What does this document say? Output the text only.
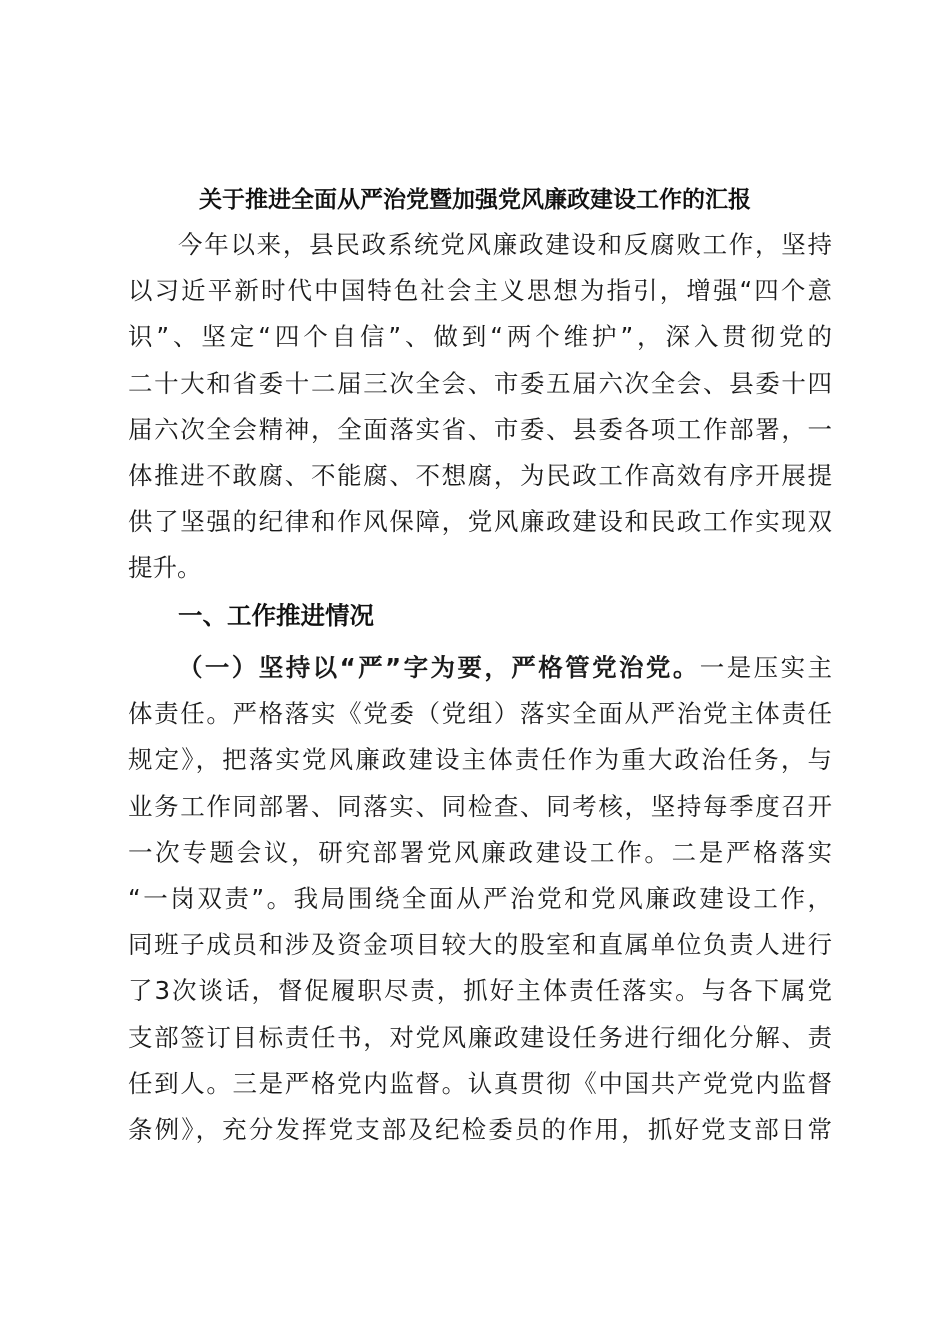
关于推进全面从严治党暨加强党风廉政建设工作的汇报
今年以来，县民政系统党风廉政建设和反腐败工作，坚持
以习近平新时代中国特色社会主义思想为指引，增强“四个意
识”、坚定“四个自信”、做到“两个维护”，深入贯彻党的
二十大和省委十二届三次全会、市委五届六次全会、县委十四
届六次全会精神，全面落实省、市委、县委各项工作部署，一
体推进不敢腐、不能腐、不想腐，为民政工作高效有序开展提
供了坚强的纪律和作风保障，党风廉政建设和民政工作实现双
提升。
一、工作推进情况
（一）坚持以“严”字为要，严格管党治党。一是压实主
体责任。严格落实《党委（党组）落实全面从严治党主体责任
规定》，把落实党风廉政建设主体责任作为重大政治任务，与
业务工作同部署、同落实、同检查、同考核，坚持每季度召开
一次专题会议，研究部署党风廉政建设工作。二是严格落实
“一岗双责”。我局围绕全面从严治党和党风廉政建设工作，
同班子成员和涉及资金项目较大的股室和直属单位负责人进行
了3次谈话，督促履职尽责，抓好主体责任落实。与各下属党
支部签订目标责任书，对党风廉政建设任务进行细化分解、责
任到人。三是严格党内监督。认真贯彻《中国共产党党内监督
条例》，充分发挥党支部及纪检委员的作用，抓好党支部日常
